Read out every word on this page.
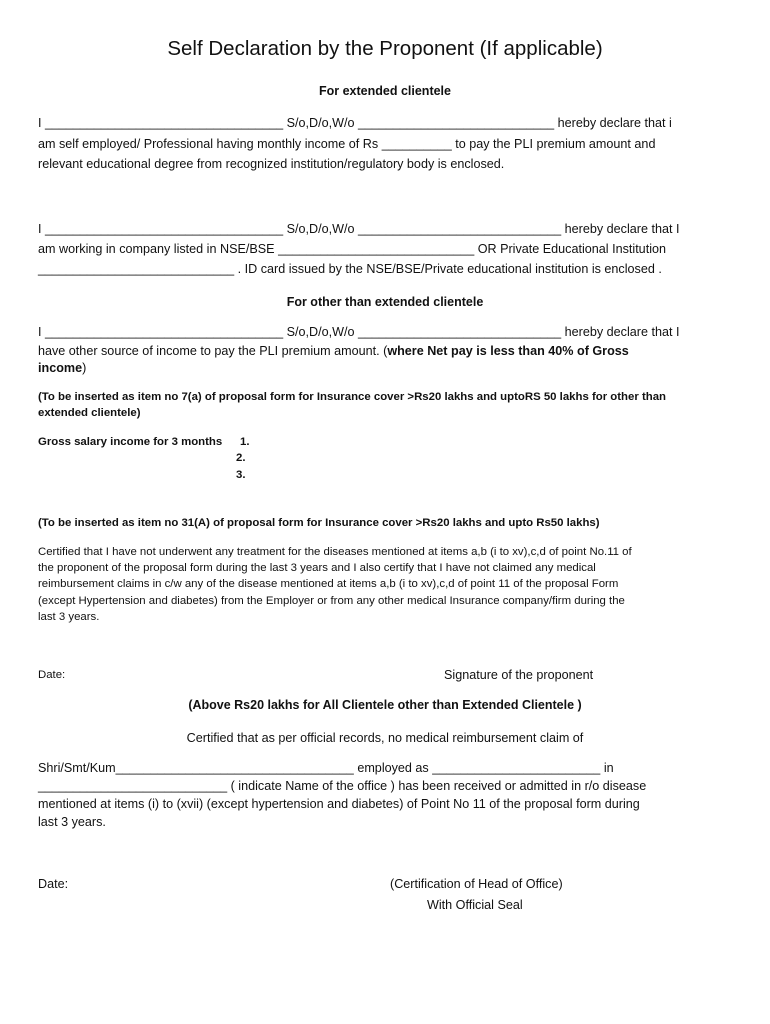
Self Declaration by the Proponent (If applicable)
For extended clientele
I __________________________________ S/o,D/o,W/o ____________________________ hereby declare that i
am self employed/ Professional having monthly income of Rs __________ to pay the PLI premium amount and
relevant educational degree from recognized institution/regulatory body is enclosed.
I __________________________________ S/o,D/o,W/o _____________________________ hereby declare that I
am working in company listed in NSE/BSE ____________________________ OR Private Educational Institution
____________________________ . ID card issued by the NSE/BSE/Private educational institution is enclosed .
For other than extended clientele
I __________________________________ S/o,D/o,W/o _____________________________ hereby declare that I
have other source of income to pay the PLI premium amount. (where Net pay is less than 40% of Gross
income)
(To be inserted as item no 7(a) of proposal form for Insurance cover >Rs20 lakhs and uptoRS 50 lakhs for other than
extended clientele)
Gross salary income for 3 months 1.
2.
3.
(To be inserted as item no 31(A) of proposal form for Insurance cover >Rs20 lakhs and upto Rs50 lakhs)
Certified that I have not underwent any treatment for the diseases mentioned at items a,b (i to xv),c,d of point No.11 of
the proponent of the proposal form during the last 3 years and I also certify that I have not claimed any medical
reimbursement claims in c/w any of the disease mentioned at items a,b (i to xv),c,d of point 11 of the proposal Form
(except Hypertension and diabetes) from the Employer or from any other medical Insurance company/firm during the
last 3 years.
Date:	Signature of the proponent
(Above Rs20 lakhs for All Clientele other than Extended Clientele )
Certified that as per official records, no medical reimbursement claim of
Shri/Smt/Kum__________________________________ employed as ________________________ in
___________________________ ( indicate Name of the office ) has been received or admitted in r/o disease
mentioned at items (i) to (xvii) (except hypertension and diabetes) of Point No 11 of the proposal form during
last 3 years.
Date:	(Certification of Head of Office)
With Official Seal
